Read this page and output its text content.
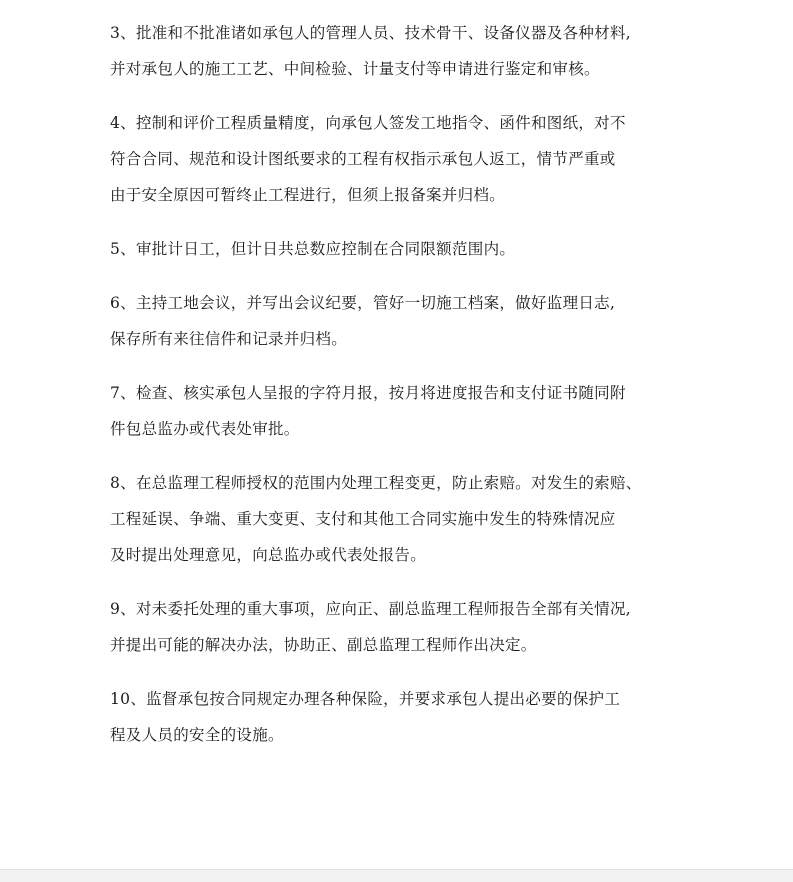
3、批准和不批准诸如承包人的管理人员、技术骨干、设备仪器及各种材料,
并对承包人的施工工艺、中间检验、计量支付等申请进行鉴定和审核。

4、控制和评价工程质量精度，向承包人签发工地指令、函件和图纸，对不
符合合同、规范和设计图纸要求的工程有权指示承包人返工，情节严重或
由于安全原因可暂终止工程进行，但须上报备案并归档。

5、审批计日工，但计日共总数应控制在合同限额范围内。

6、主持工地会议，并写出会议纪要，管好一切施工档案，做好监理日志,
保存所有来往信件和记录并归档。

7、检查、核实承包人呈报的字符月报，按月将进度报告和支付证书随同附
件包总监办或代表处审批。

8、在总监理工程师授权的范围内处理工程变更，防止索赔。对发生的索赔、
工程延误、争端、重大变更、支付和其他工合同实施中发生的特殊情况应
及时提出处理意见，向总监办或代表处报告。

9、对未委托处理的重大事项，应向正、副总监理工程师报告全部有关情况,
并提出可能的解决办法，协助正、副总监理工程师作出决定。

10、监督承包按合同规定办理各种保险，并要求承包人提出必要的保护工
程及人员的安全的设施。
